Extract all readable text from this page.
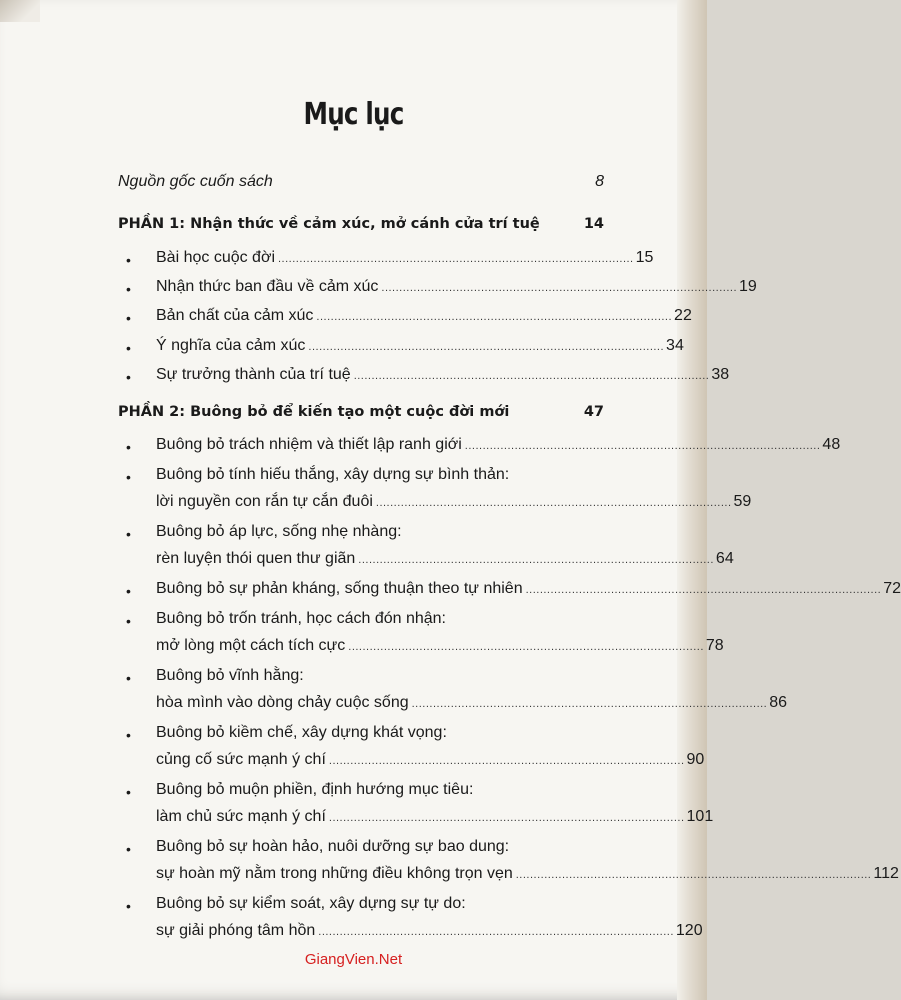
Mục lục
Nguồn gốc cuốn sách	8
PHẦN 1: Nhận thức về cảm xúc, mở cánh cửa trí tuệ	14
• Bài học cuộc đời .................................................................................................... 15
• Nhận thức ban đầu về cảm xúc .................................................................................................... 19
• Bản chất của cảm xúc .................................................................................................... 22
• Ý nghĩa của cảm xúc .................................................................................................... 34
• Sự trưởng thành của trí tuệ .................................................................................................... 38
PHẦN 2: Buông bỏ để kiến tạo một cuộc đời mới	47
• Buông bỏ trách nhiệm và thiết lập ranh giới .................................................................................................... 48
• Buông bỏ tính hiếu thắng, xây dựng sự bình thản:
lời nguyền con rắn tự cắn đuôi .................................................................................................... 59
• Buông bỏ áp lực, sống nhẹ nhàng:
rèn luyện thói quen thư giãn .................................................................................................... 64
• Buông bỏ sự phản kháng, sống thuận theo tự nhiên .................................................................................................... 72
• Buông bỏ trốn tránh, học cách đón nhận:
mở lòng một cách tích cực .................................................................................................... 78
• Buông bỏ vĩnh hằng:
hòa mình vào dòng chảy cuộc sống .................................................................................................... 86
• Buông bỏ kiềm chế, xây dựng khát vọng:
củng cố sức mạnh ý chí .................................................................................................... 90
• Buông bỏ muộn phiền, định hướng mục tiêu:
làm chủ sức mạnh ý chí .................................................................................................... 101
• Buông bỏ sự hoàn hảo, nuôi dưỡng sự bao dung:
sự hoàn mỹ nằm trong những điều không trọn vẹn .................................................................................................... 112
• Buông bỏ sự kiểm soát, xây dựng sự tự do:
sự giải phóng tâm hồn .................................................................................................... 120
GiangVien.Net
